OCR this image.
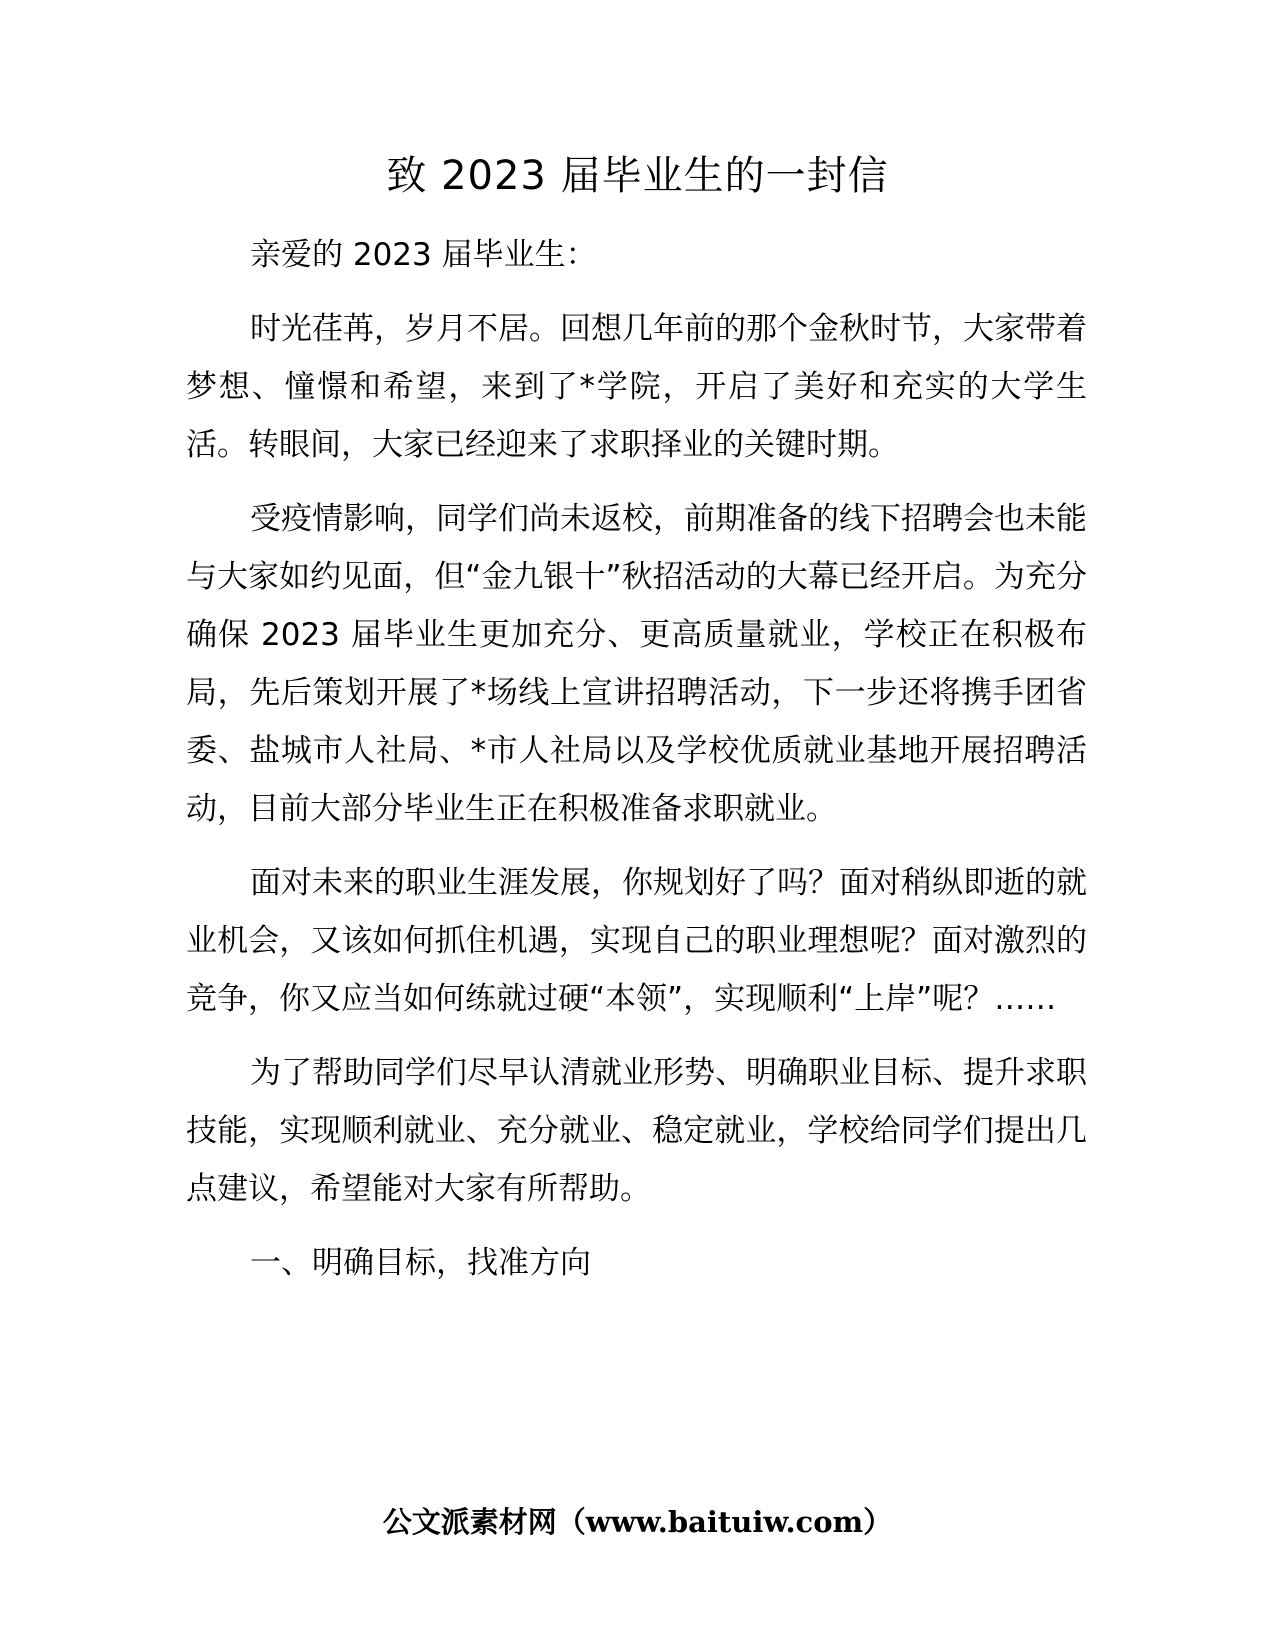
致 2023 届毕业生的一封信

亲爱的 2023 届毕业生：

时光荏苒，岁月不居。回想几年前的那个金秋时节，大家带着梦想、憧憬和希望，来到了*学院，开启了美好和充实的大学生活。转眼间，大家已经迎来了求职择业的关键时期。

受疫情影响，同学们尚未返校，前期准备的线下招聘会也未能与大家如约见面，但“金九银十”秋招活动的大幕已经开启。为充分确保 2023 届毕业生更加充分、更高质量就业，学校正在积极布局，先后策划开展了*场线上宣讲招聘活动，下一步还将携手团省委、盐城市人社局、*市人社局以及学校优质就业基地开展招聘活动，目前大部分毕业生正在积极准备求职就业。

面对未来的职业生涯发展，你规划好了吗？面对稍纵即逝的就业机会，又该如何抓住机遇，实现自己的职业理想呢？面对激烈的竞争，你又应当如何练就过硬“本领”，实现顺利“上岸”呢？……

为了帮助同学们尽早认清就业形势、明确职业目标、提升求职技能，实现顺利就业、充分就业、稳定就业，学校给同学们提出几点建议，希望能对大家有所帮助。

一、明确目标，找准方向

公文派素材网（www.baituiw.com）
